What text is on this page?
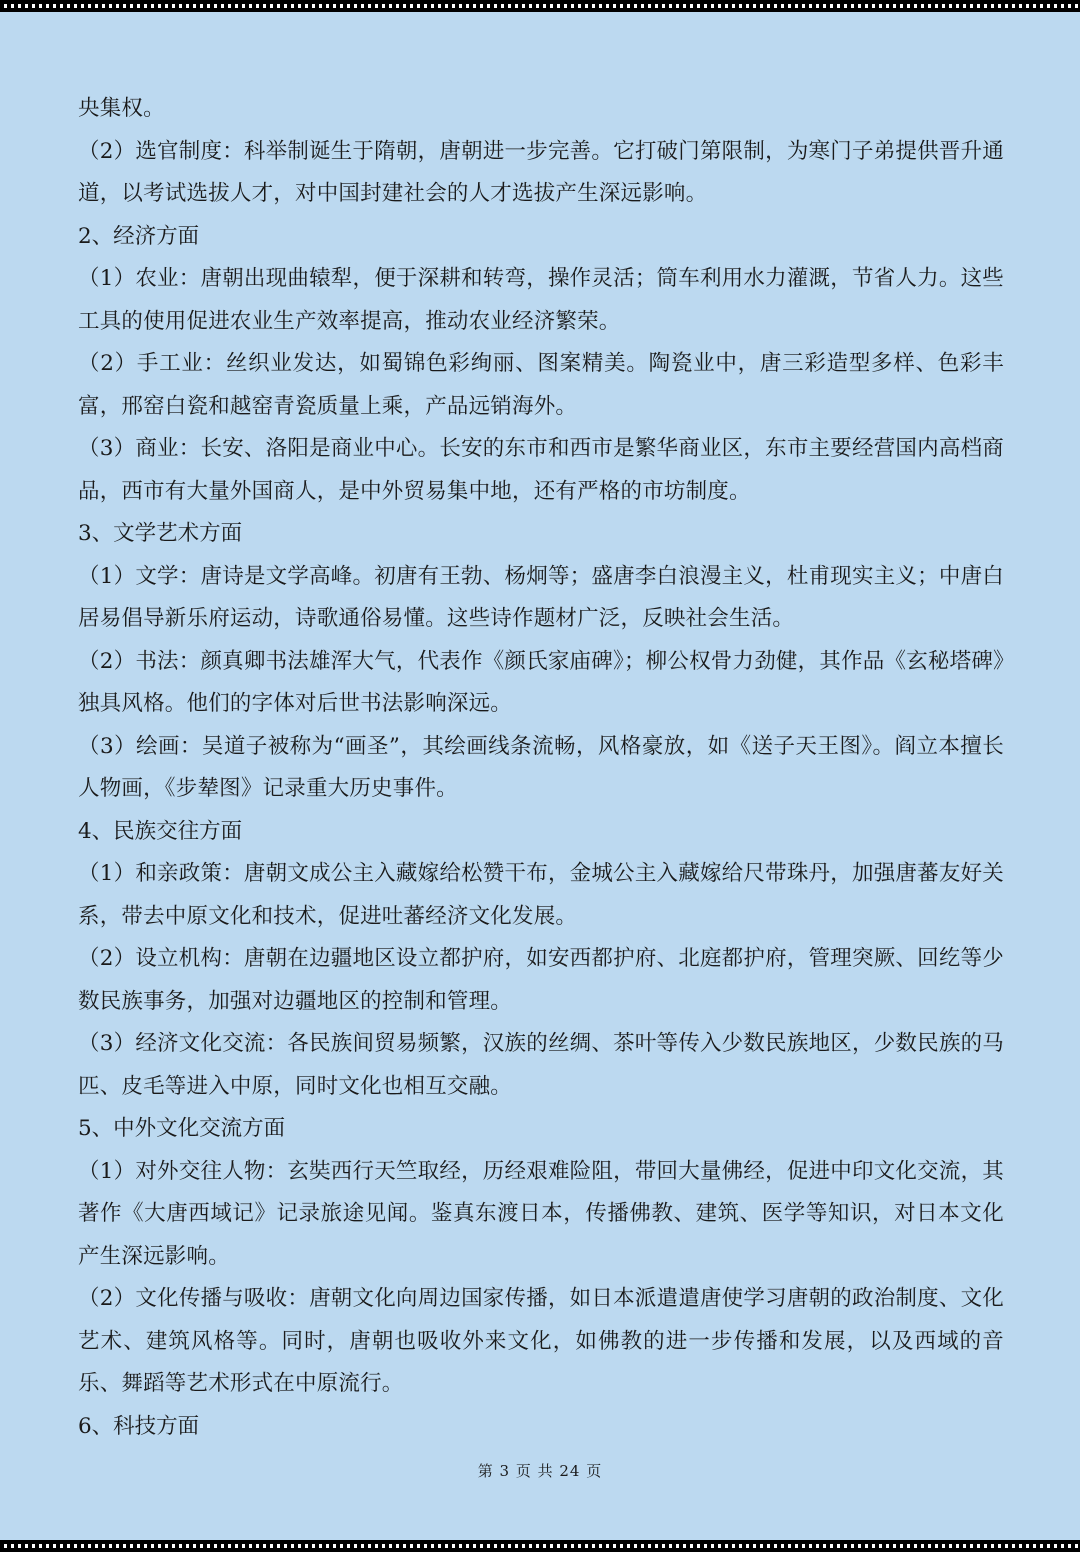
央集权。

（2）选官制度：科举制诞生于隋朝，唐朝进一步完善。它打破门第限制，为寒门子弟提供晋升通道，以考试选拔人才，对中国封建社会的人才选拔产生深远影响。

2、经济方面

（1）农业：唐朝出现曲辕犁，便于深耕和转弯，操作灵活；筒车利用水力灌溉，节省人力。这些工具的使用促进农业生产效率提高，推动农业经济繁荣。

（2）手工业：丝织业发达，如蜀锦色彩绚丽、图案精美。陶瓷业中，唐三彩造型多样、色彩丰富，邢窑白瓷和越窑青瓷质量上乘，产品远销海外。

（3）商业：长安、洛阳是商业中心。长安的东市和西市是繁华商业区，东市主要经营国内高档商品，西市有大量外国商人，是中外贸易集中地，还有严格的市坊制度。

3、文学艺术方面

（1）文学：唐诗是文学高峰。初唐有王勃、杨炯等；盛唐李白浪漫主义，杜甫现实主义；中唐白居易倡导新乐府运动，诗歌通俗易懂。这些诗作题材广泛，反映社会生活。

（2）书法：颜真卿书法雄浑大气，代表作《颜氏家庙碑》；柳公权骨力劲健，其作品《玄秘塔碑》独具风格。他们的字体对后世书法影响深远。

（3）绘画：吴道子被称为“画圣”，其绘画线条流畅，风格豪放，如《送子天王图》。阎立本擅长人物画，《步辇图》记录重大历史事件。

4、民族交往方面

（1）和亲政策：唐朝文成公主入藏嫁给松赞干布，金城公主入藏嫁给尺带珠丹，加强唐蕃友好关系，带去中原文化和技术，促进吐蕃经济文化发展。

（2）设立机构：唐朝在边疆地区设立都护府，如安西都护府、北庭都护府，管理突厥、回纥等少数民族事务，加强对边疆地区的控制和管理。

（3）经济文化交流：各民族间贸易频繁，汉族的丝绸、茶叶等传入少数民族地区，少数民族的马匹、皮毛等进入中原，同时文化也相互交融。

5、中外文化交流方面

（1）对外交往人物：玄奘西行天竺取经，历经艰难险阻，带回大量佛经，促进中印文化交流，其著作《大唐西域记》记录旅途见闻。鉴真东渡日本，传播佛教、建筑、医学等知识，对日本文化产生深远影响。

（2）文化传播与吸收：唐朝文化向周边国家传播，如日本派遣遣唐使学习唐朝的政治制度、文化艺术、建筑风格等。同时，唐朝也吸收外来文化，如佛教的进一步传播和发展，以及西域的音乐、舞蹈等艺术形式在中原流行。

6、科技方面

第 3 页 共 24 页
